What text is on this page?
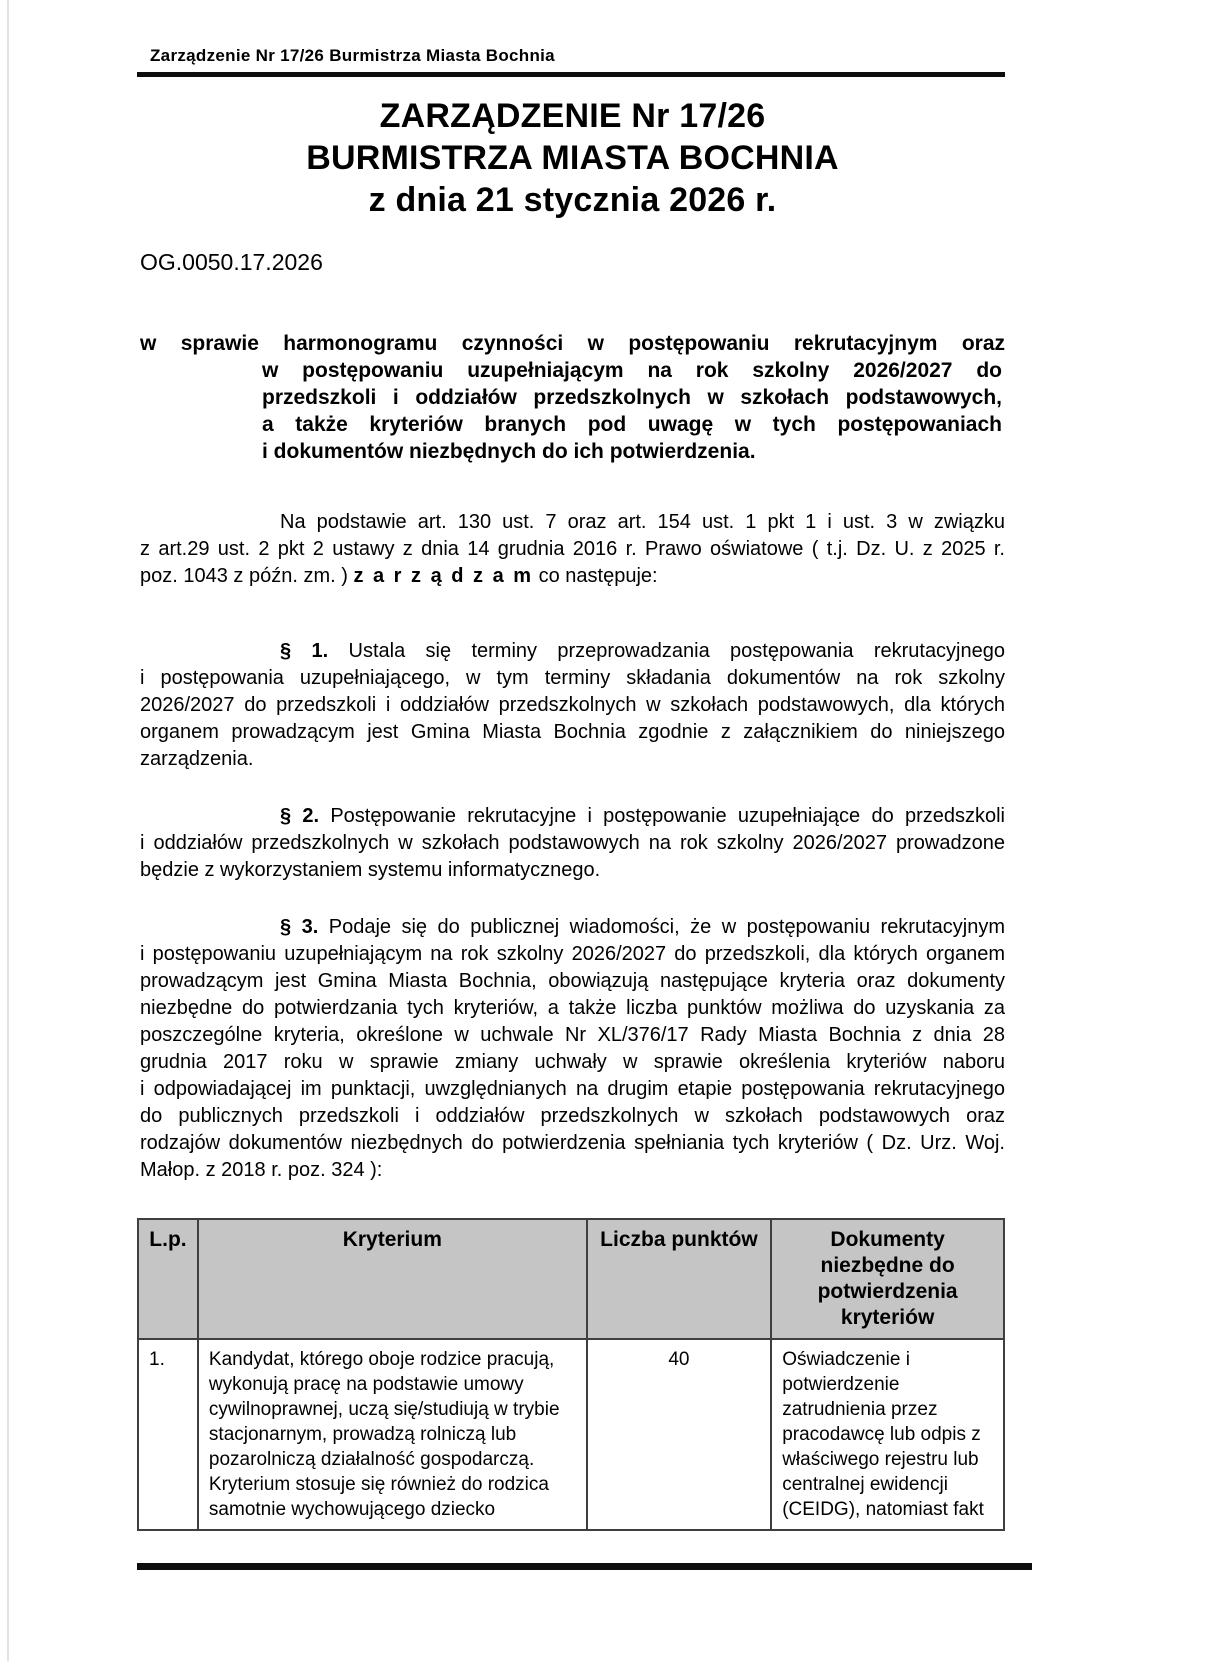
Zarządzenie Nr 17/26 Burmistrza Miasta Bochnia
ZARZĄDZENIE Nr 17/26
BURMISTRZA MIASTA BOCHNIA
z dnia 21 stycznia 2026 r.
OG.0050.17.2026
w sprawie harmonogramu czynności w postępowaniu rekrutacyjnym oraz
w postępowaniu uzupełniającym na rok szkolny 2026/2027 do
przedszkoli i oddziałów przedszkolnych w szkołach podstawowych,
a także kryteriów branych pod uwagę w tych postępowaniach
i dokumentów niezbędnych do ich potwierdzenia.
Na podstawie art. 130 ust. 7 oraz art. 154 ust. 1 pkt 1 i ust. 3 w związku
z art.29 ust. 2 pkt 2 ustawy z dnia 14 grudnia 2016 r. Prawo oświatowe ( t.j. Dz. U. z 2025 r.
poz. 1043 z późn. zm. ) z a r z ą d z a m co następuje:
§ 1. Ustala się terminy przeprowadzania postępowania rekrutacyjnego
i postępowania uzupełniającego, w tym terminy składania dokumentów na rok szkolny
2026/2027 do przedszkoli i oddziałów przedszkolnych w szkołach podstawowych, dla których
organem prowadzącym jest Gmina Miasta Bochnia zgodnie z załącznikiem do niniejszego
zarządzenia.
§ 2. Postępowanie rekrutacyjne i postępowanie uzupełniające do przedszkoli
i oddziałów przedszkolnych w szkołach podstawowych na rok szkolny 2026/2027 prowadzone
będzie z wykorzystaniem systemu informatycznego.
§ 3. Podaje się do publicznej wiadomości, że w postępowaniu rekrutacyjnym
i postępowaniu uzupełniającym na rok szkolny 2026/2027 do przedszkoli, dla których organem
prowadzącym jest Gmina Miasta Bochnia, obowiązują następujące kryteria oraz dokumenty
niezbędne do potwierdzania tych kryteriów, a także liczba punktów możliwa do uzyskania za
poszczególne kryteria, określone w uchwale Nr XL/376/17 Rady Miasta Bochnia z dnia 28
grudnia 2017 roku w sprawie zmiany uchwały w sprawie określenia kryteriów naboru
i odpowiadającej im punktacji, uwzględnianych na drugim etapie postępowania rekrutacyjnego
do publicznych przedszkoli i oddziałów przedszkolnych w szkołach podstawowych oraz
rodzajów dokumentów niezbędnych do potwierdzenia spełniania tych kryteriów ( Dz. Urz. Woj.
Małop. z 2018 r. poz. 324 ):
L.p.	Kryterium	Liczba punktów	Dokumenty niezbędne do potwierdzenia kryteriów
1.	Kandydat, którego oboje rodzice pracują, wykonują pracę na podstawie umowy cywilnoprawnej, uczą się/studiują w trybie stacjonarnym, prowadzą rolniczą lub pozarolniczą działalność gospodarczą. Kryterium stosuje się również do rodzica samotnie wychowującego dziecko	40	Oświadczenie i potwierdzenie zatrudnienia przez pracodawcę lub odpis z właściwego rejestru lub centralnej ewidencji (CEIDG), natomiast fakt
